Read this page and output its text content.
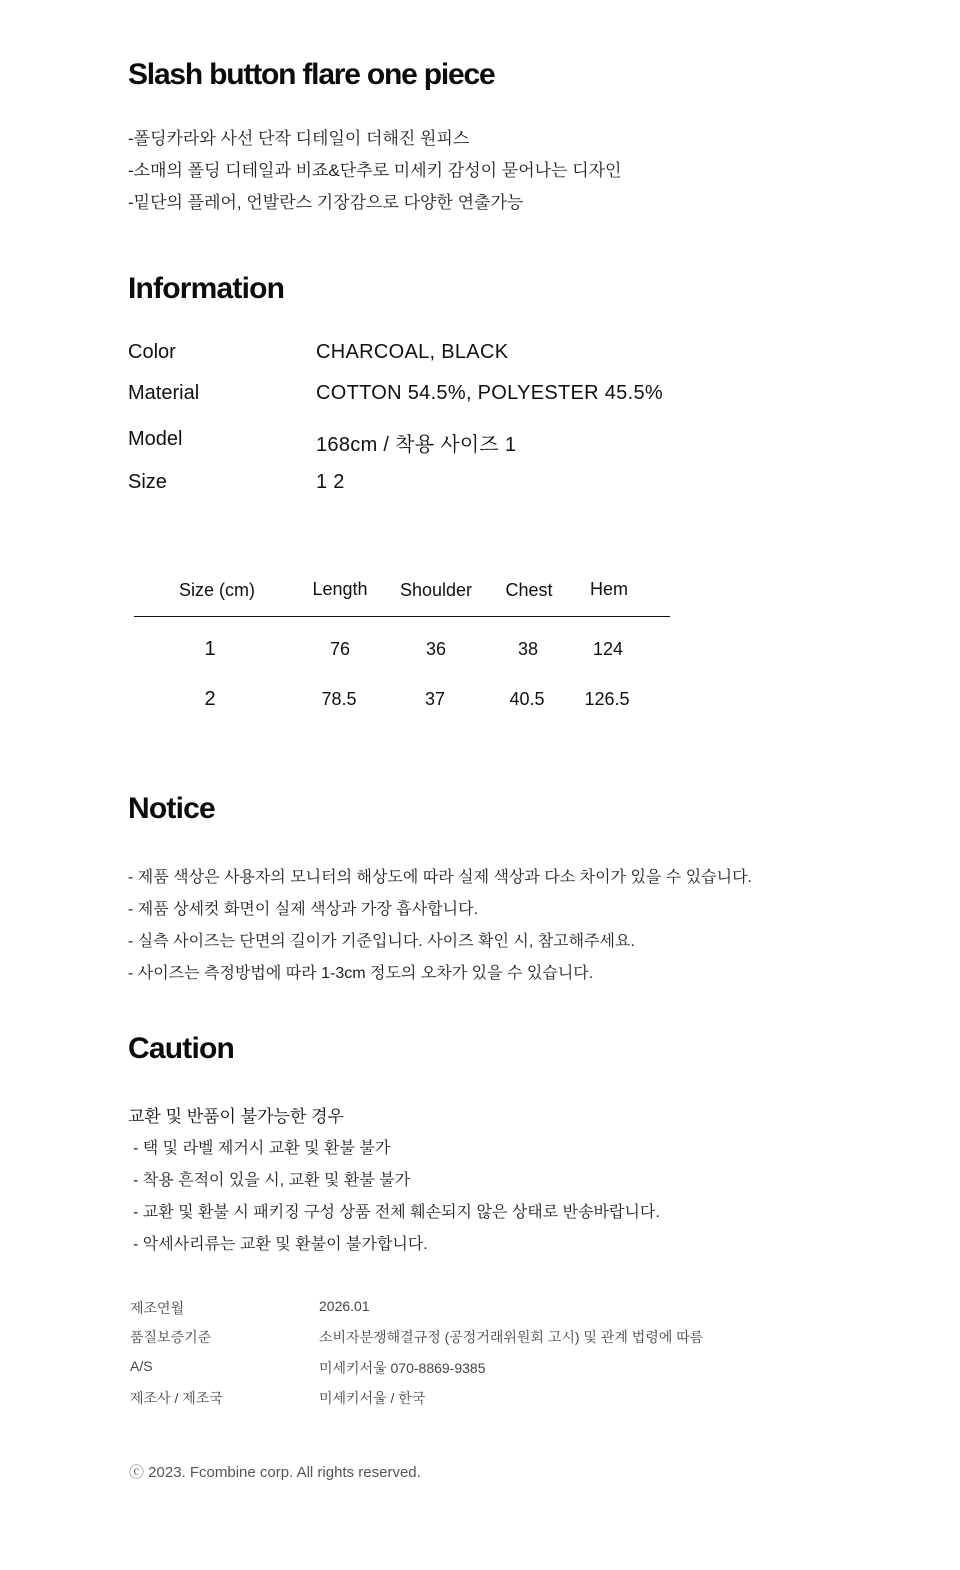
Slash button flare one piece
-폴딩카라와 사선 단작 디테일이 더해진 원피스
-소매의 폴딩 디테일과 비죠&단추로 미세키 감성이 묻어나는 디자인
-밑단의 플레어, 언발란스 기장감으로 다양한 연출가능
Information
Color	CHARCOAL, BLACK
Material	COTTON 54.5%, POLYESTER 45.5%
Model	168cm / 착용 사이즈 1
Size	1 2
Size (cm)	Length	Shoulder	Chest	Hem
1	76	36	38	124
2	78.5	37	40.5	126.5
Notice
- 제품 색상은 사용자의 모니터의 해상도에 따라 실제 색상과 다소 차이가 있을 수 있습니다.
- 제품 상세컷 화면이 실제 색상과 가장 흡사합니다.
- 실측 사이즈는 단면의 길이가 기준입니다. 사이즈 확인 시, 참고해주세요.
- 사이즈는 측정방법에 따라 1-3cm 정도의 오차가 있을 수 있습니다.
Caution
교환 및 반품이 불가능한 경우
- 택 및 라벨 제거시 교환 및 환불 불가
- 착용 흔적이 있을 시, 교환 및 환불 불가
- 교환 및 환불 시 패키징 구성 상품 전체 훼손되지 않은 상태로 반송바랍니다.
- 악세사리류는 교환 및 환불이 불가합니다.
제조연월	2026.01
품질보증기준	소비자분쟁해결규정 (공정거래위원회 고시) 및 관계 법령에 따름
A/S	미세키서울 070-8869-9385
제조사 / 제조국	미세키서울 / 한국
ⓒ 2023. Fcombine corp. All rights reserved.
